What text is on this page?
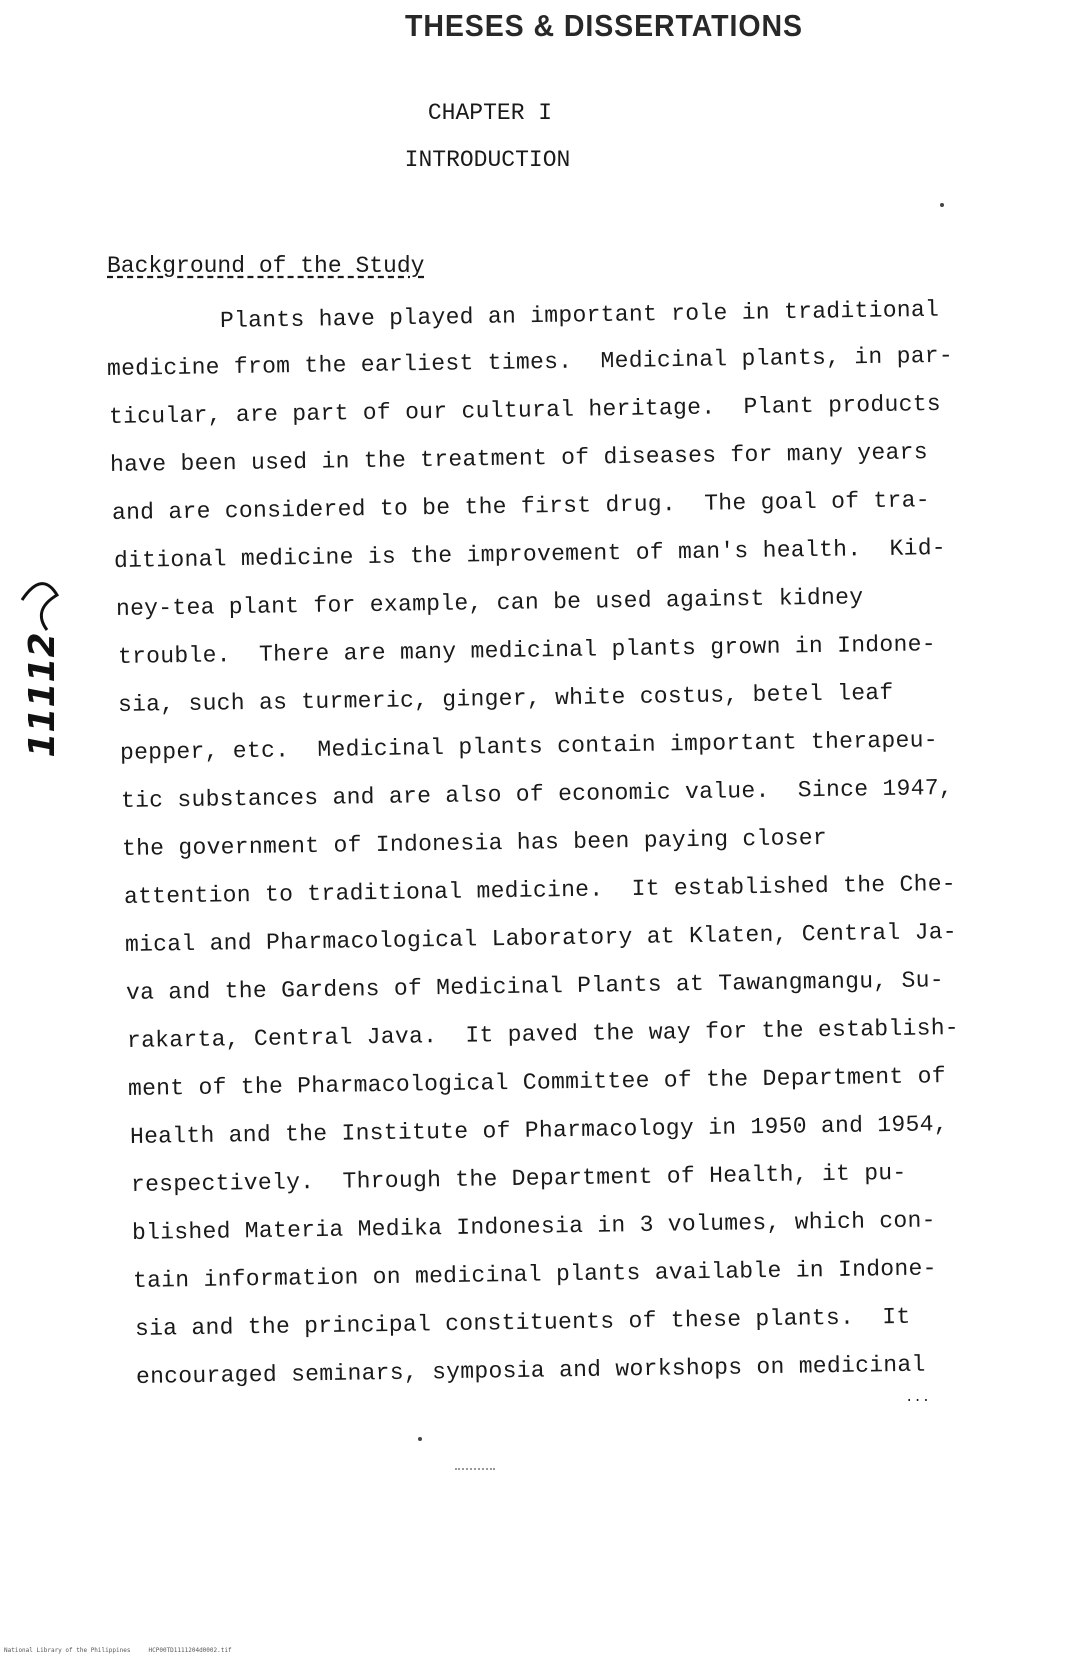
THESES & DISSERTATIONS
CHAPTER I
INTRODUCTION
Background of the Study
11112
Plants have played an important role in traditional
medicine from the earliest times.  Medicinal plants, in par-
ticular, are part of our cultural heritage.  Plant products
have been used in the treatment of diseases for many years
and are considered to be the first drug.  The goal of tra-
ditional medicine is the improvement of man's health.  Kid-
ney-tea plant for example, can be used against kidney
trouble.  There are many medicinal plants grown in Indone-
sia, such as turmeric, ginger, white costus, betel leaf
pepper, etc.  Medicinal plants contain important therapeu-
tic substances and are also of economic value.  Since 1947,
the government of Indonesia has been paying closer
attention to traditional medicine.  It established the Che-
mical and Pharmacological Laboratory at Klaten, Central Ja-
va and the Gardens of Medicinal Plants at Tawangmangu, Su-
rakarta, Central Java.  It paved the way for the establish-
ment of the Pharmacological Committee of the Department of
Health and the Institute of Pharmacology in 1950 and 1954,
respectively.  Through the Department of Health, it pu-
blished Materia Medika Indonesia in 3 volumes, which con-
tain information on medicinal plants available in Indone-
sia and the principal constituents of these plants.  It
encouraged seminars, symposia and workshops on medicinal
...
National Library of the Philippines     HCP00TD1111204d0002.tif
